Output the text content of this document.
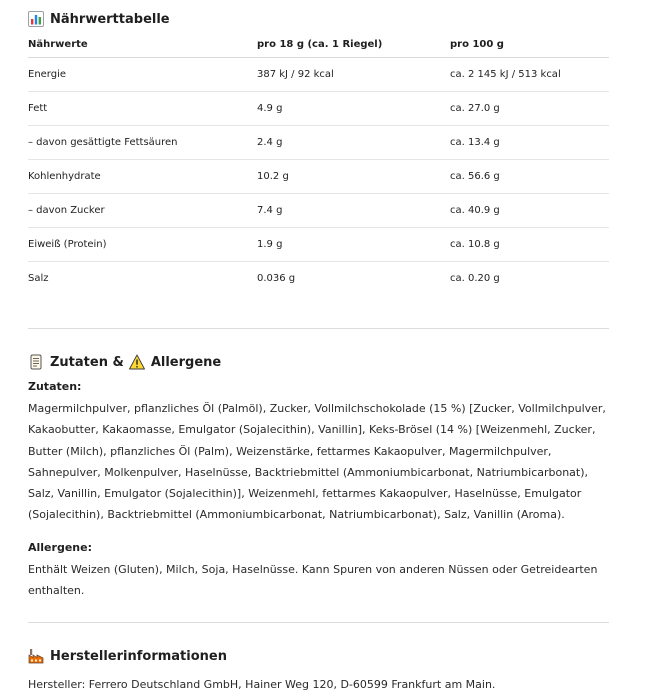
Nährwerttabelle
Nährwerte	pro 18 g (ca. 1 Riegel)	pro 100 g
Energie	387 kJ / 92 kcal	ca. 2 145 kJ / 513 kcal
Fett	4.9 g	ca. 27.0 g
– davon gesättigte Fettsäuren	2.4 g	ca. 13.4 g
Kohlenhydrate	10.2 g	ca. 56.6 g
– davon Zucker	7.4 g	ca. 40.9 g
Eiweiß (Protein)	1.9 g	ca. 10.8 g
Salz	0.036 g	ca. 0.20 g
Zutaten & Allergene
Zutaten:
Magermilchpulver, pflanzliches Öl (Palmöl), Zucker, Vollmilchschokolade (15 %) [Zucker, Vollmilchpulver, Kakaobutter, Kakaomasse, Emulgator (Sojalecithin), Vanillin], Keks-Brösel (14 %) [Weizenmehl, Zucker, Butter (Milch), pflanzliches Öl (Palm), Weizenstärke, fettarmes Kakaopulver, Magermilchpulver, Sahnepulver, Molkenpulver, Haselnüsse, Backtriebmittel (Ammoniumbicarbonat, Natriumbicarbonat), Salz, Vanillin, Emulgator (Sojalecithin)], Weizenmehl, fettarmes Kakaopulver, Haselnüsse, Emulgator (Sojalecithin), Backtriebmittel (Ammoniumbicarbonat, Natriumbicarbonat), Salz, Vanillin (Aroma).
Allergene:
Enthält Weizen (Gluten), Milch, Soja, Haselnüsse. Kann Spuren von anderen Nüssen oder Getreidearten enthalten.
Herstellerinformationen
Hersteller: Ferrero Deutschland GmbH, Hainer Weg 120, D-60599 Frankfurt am Main.
